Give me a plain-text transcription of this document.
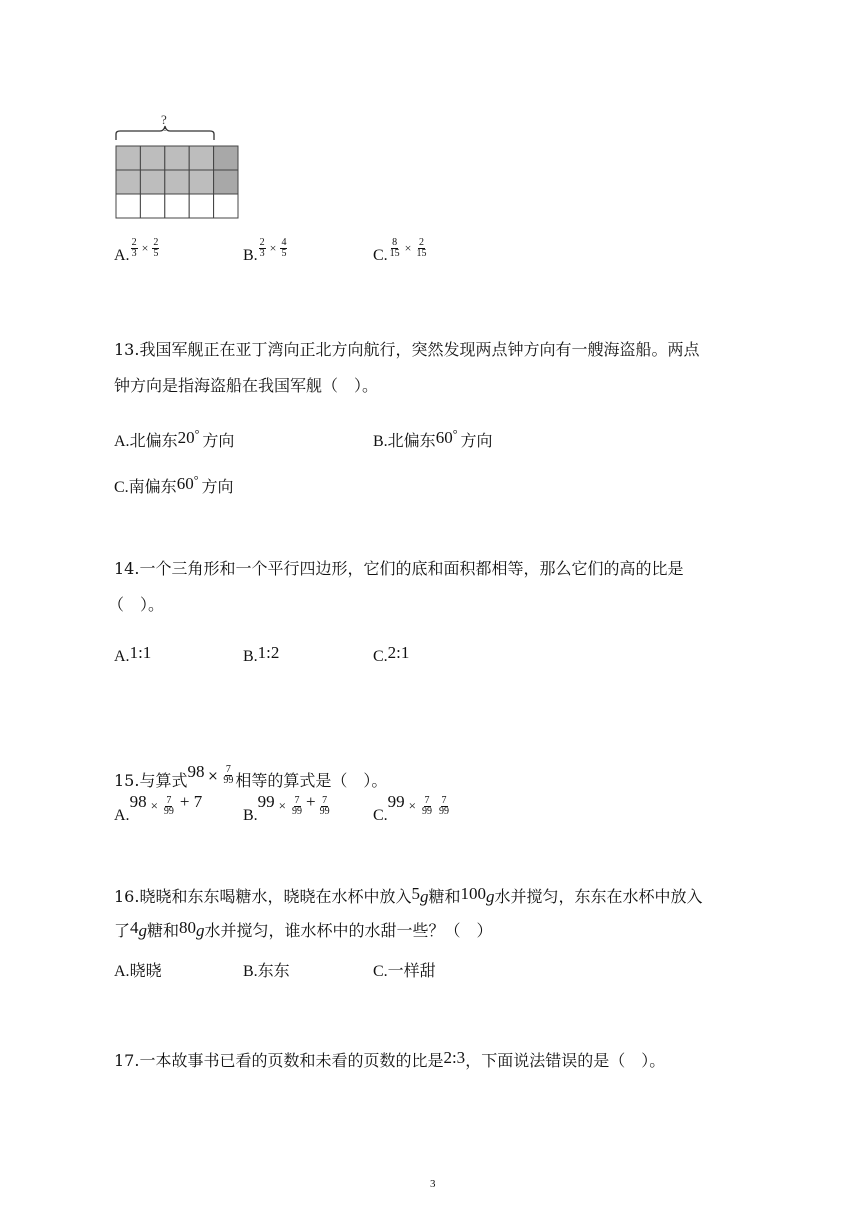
?
A. $\frac{2}{3} \times \frac{2}{5}$	B. $\frac{2}{3} \times \frac{4}{5}$	C. $\frac{8}{15} \times \frac{2}{15}$
13.我国军舰正在亚丁湾向正北方向航行，突然发现两点钟方向有一艘海盗船。两点
钟方向是指海盗船在我国军舰（　）。
A.北偏东20° 方向	B.北偏东60° 方向
C.南偏东60° 方向
14.一个三角形和一个平行四边形，它们的底和面积都相等，那么它们的高的比是
（　）。
A.1:1	B.1:2	C.2:1
15.与算式$98 \times \frac{7}{99}$ 相等的算式是（　）。
$A.98 \times \frac{7}{99} + 7$
$B.99 \times \frac{7}{99} + \frac{7}{99}$	$C.99 \times \frac{7}{99} \frac{7}{99}$
16.晓晓和东东喝糖水，晓晓在水杯中放入5g糖和100g水并搅匀，东东在水杯中放入
了4g糖和80g水并搅匀，谁水杯中的水甜一些？（　）
A.晓晓	B.东东	C.一样甜
17.一本故事书已看的页数和未看的页数的比是2:3，下面说法错误的是（　）。
3
